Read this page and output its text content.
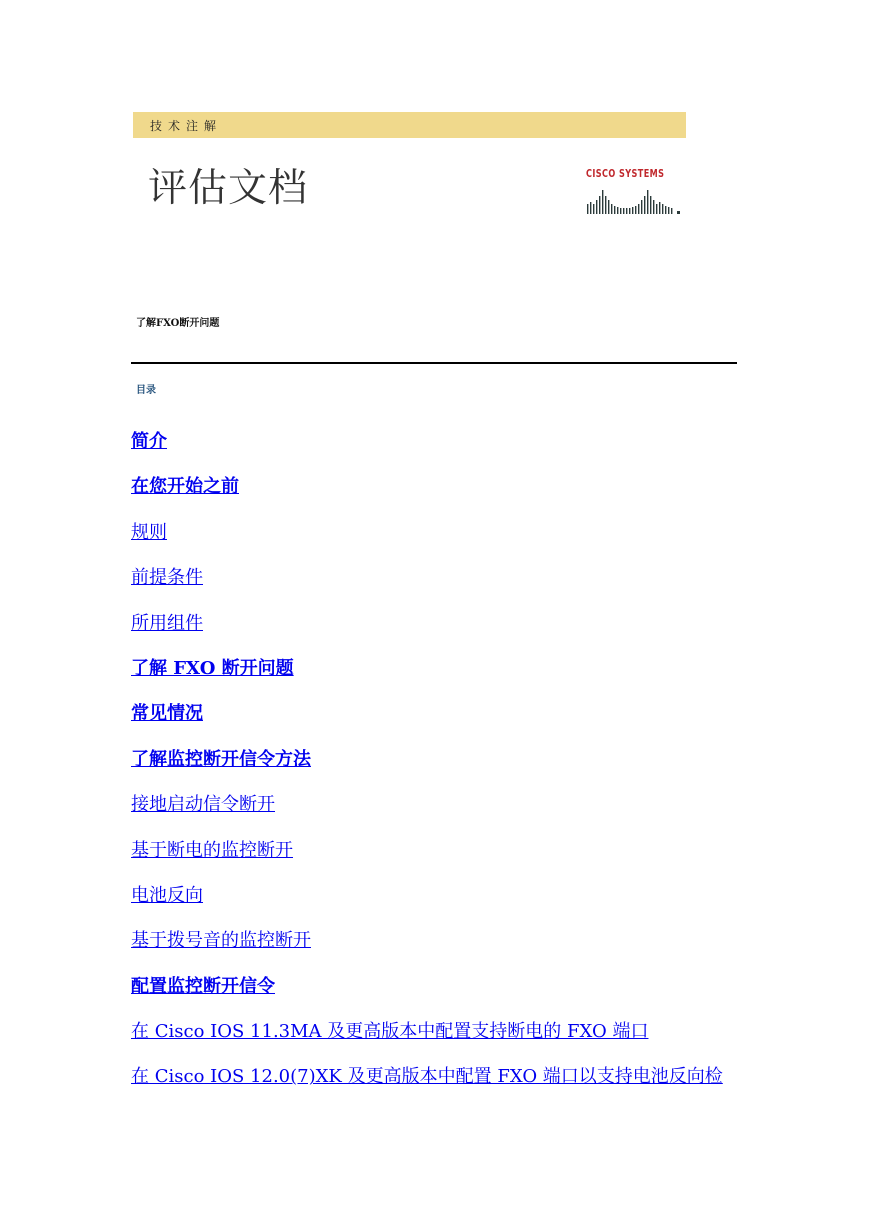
技术注解
评估文档	CISCO SYSTEMS
了解FXO断开问题
目录
简介
在您开始之前
规则
前提条件
所用组件
了解 FXO 断开问题
常见情况
了解监控断开信令方法
接地启动信令断开
基于断电的监控断开
电池反向
基于拨号音的监控断开
配置监控断开信令
在 Cisco IOS 11.3MA 及更高版本中配置支持断电的 FXO 端口
在 Cisco IOS 12.0(7)XK 及更高版本中配置 FXO 端口以支持电池反向检
